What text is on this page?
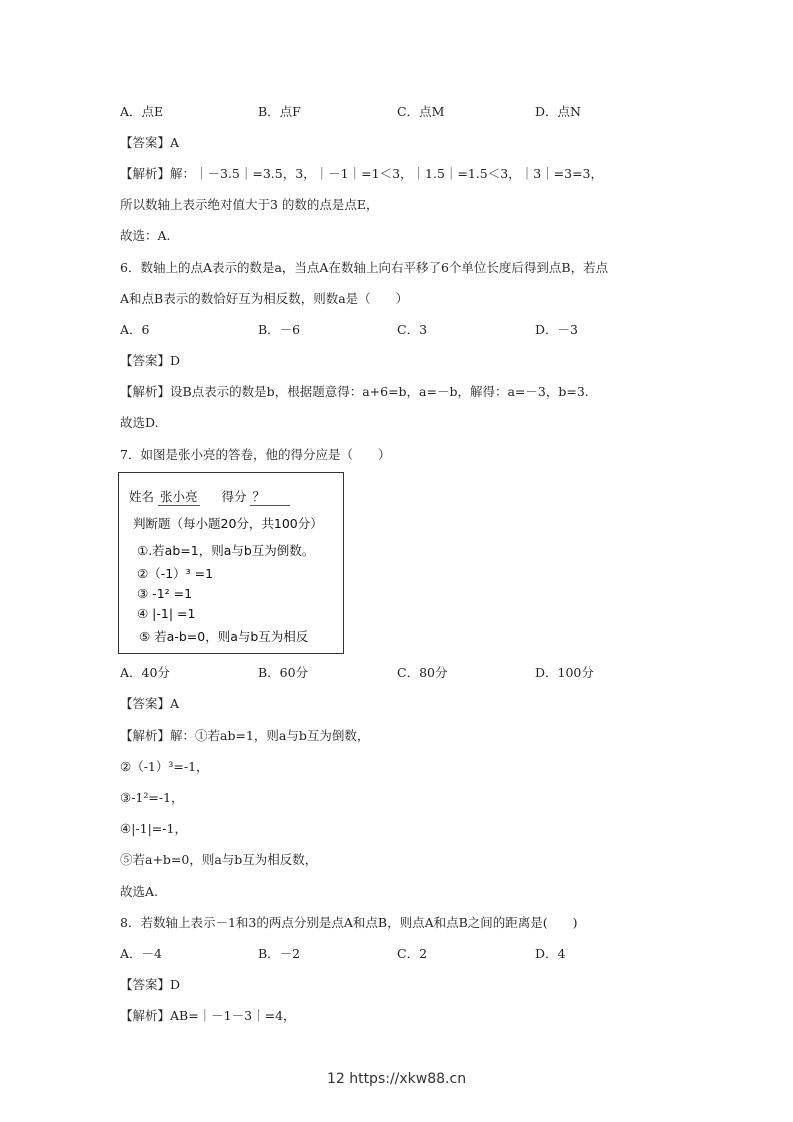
A．点E	B．点F	C．点M	D．点N
【答案】A
【解析】解：｜－3.5｜=3.5，3，｜－1｜=1＜3，｜1.5｜=1.5＜3，｜3｜=3=3，
所以数轴上表示绝对值大于3 的数的点是点E，
故选：A.
6．数轴上的点A表示的数是a，当点A在数轴上向右平移了6个单位长度后得到点B，若点
A和点B表示的数恰好互为相反数，则数a是（　　）
A．6	B．－6	C．3	D．－3
【答案】D
【解析】设B点表示的数是b，根据题意得：a+6=b，a=－b，解得：a=－3，b=3.
故选D.
7．如图是张小亮的答卷，他的得分应是（　　）
姓名 张小亮 得分 ？
判断题（每小题20分，共100分）
①.若ab=1，则a与b互为倒数。
②（-1）³ =1
③ -1² =1
④ |-1| =1
⑤ 若a-b=0，则a与b互为相反
A．40分	B．60分	C．80分	D．100分
【答案】A
【解析】解：①若ab=1，则a与b互为倒数，
②（-1）³=-1，
③-1²=-1，
④|-1|=-1，
⑤若a+b=0，则a与b互为相反数，
故选A.
8．若数轴上表示－1和3的两点分别是点A和点B，则点A和点B之间的距离是(　　)
A．－4	B．－2	C．2	D．4
【答案】D
【解析】AB=｜－1－3｜=4，
12 https://xkw88.cn
